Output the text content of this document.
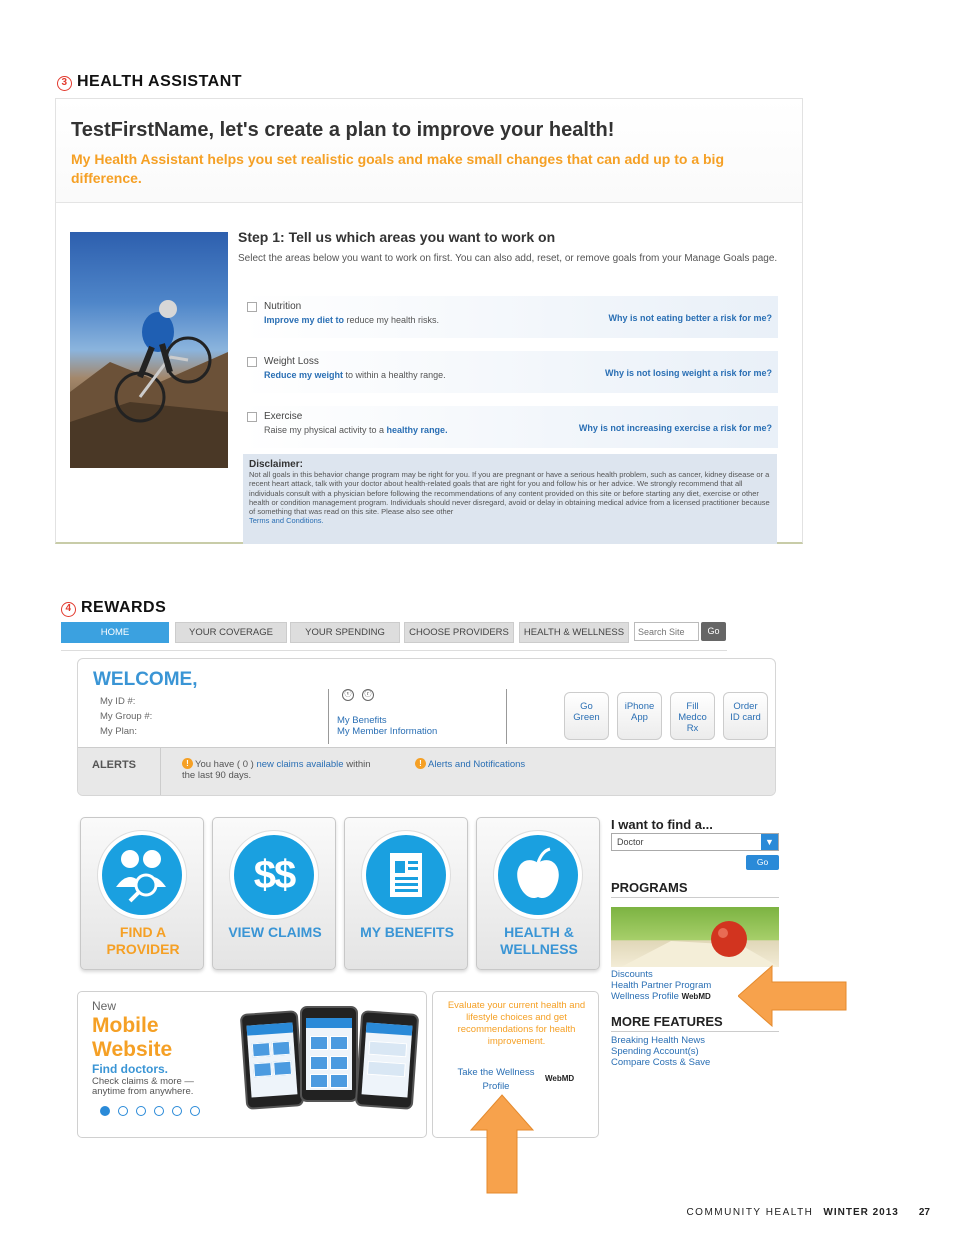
3 HEALTH ASSISTANT
TestFirstName, let's create a plan to improve your health!
My Health Assistant helps you set realistic goals and make small changes that can add up to a big difference.
Step 1: Tell us which areas you want to work on
Select the areas below you want to work on first. You can also add, reset, or remove goals from your Manage Goals page.
Nutrition
Improve my diet to reduce my health risks.	Why is not eating better a risk for me?
Weight Loss
Reduce my weight to within a healthy range.	Why is not losing weight a risk for me?
Exercise
Raise my physical activity to a healthy range.	Why is not increasing exercise a risk for me?
Disclaimer:
Not all goals in this behavior change program may be right for you. If you are pregnant or have a serious health problem, such as cancer, kidney disease or a recent heart attack, talk with your doctor about health-related goals that are right for you and follow his or her advice. We strongly recommend that all individuals consult with a physician before following the recommendations of any content provided on this site or before starting any diet, exercise or other health or condition management program. Individuals should never disregard, avoid or delay in obtaining medical advice from a licensed practitioner because of something that was read on this site. Please also see other
Terms and Conditions.
4 REWARDS
HOME	YOUR COVERAGE	YOUR SPENDING	CHOOSE PROVIDERS	HEALTH & WELLNESS
Search Site	Go
WELCOME,
My ID #:
My Group #:
My Plan:
ⓥ	ⓡ
My Benefits
My Member Information
Go
Green
iPhone
App
Fill
Medco
Rx
Order
ID card
ALERTS	! You have ( 0 ) new claims available within
the last 90 days.
! Alerts and Notifications
FIND A
PROVIDER
$$
VIEW CLAIMS	MY BENEFITS	HEALTH &
WELLNESS
I want to find a...
Doctor	▼
Go
PROGRAMS
Discounts
Health Partner Program
Wellness Profile WebMD
MORE FEATURES
Breaking Health News
Spending Account(s)
Compare Costs & Save
New
Mobile
Website
Find doctors.
Check claims & more —
anytime from anywhere.
Evaluate your current health and lifestyle choices and get recommendations for health improvement.
Take the Wellness
Profile
WebMD
COMMUNITY HEALTH WINTER 2013 27
